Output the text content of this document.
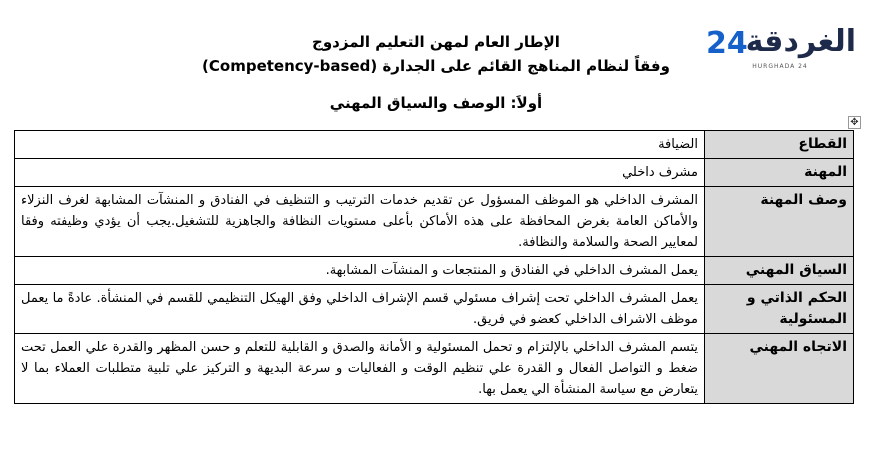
24
الغردقة
HURGHADA 24
الإطار العام لمهن التعليم المزدوج
وفقاً لنظام المناهج القائم على الجدارة (Competency-based)
أولاَ: الوصف والسياق المهني
✥
القطاع	الضيافة
المهنة	مشرف داخلي
وصف المهنة	المشرف الداخلي هو الموظف المسؤول عن تقديم خدمات الترتيب و التنظيف في الفنادق و المنشآت المشابهة لغرف النزلاء والأماكن العامة بغرض المحافظة على هذه الأماكن بأعلى مستويات النظافة والجاهزية للتشغيل.يجب أن يؤدي وظيفته وفقا لمعايير الصحة والسلامة والنظافة.
السياق المهني	يعمل المشرف الداخلي في الفنادق و المنتجعات و المنشآت المشابهة.
الحكم الذاتي و المسئولية	يعمل المشرف الداخلي تحت إشراف مسئولي قسم الإشراف الداخلي وفق الهيكل التنظيمي للقسم في المنشأة. عادةً ما يعمل موظف الاشراف الداخلي كعضو في فريق.
الاتجاه المهني	يتسم المشرف الداخلي بالإلتزام و تحمل المسئولية و الأمانة والصدق و القابلية للتعلم و حسن المظهر والقدرة علي العمل تحت ضغط و التواصل الفعال و القدرة علي تنظيم الوقت و الفعاليات و سرعة البديهة و التركيز علي تلبية متطلبات العملاء بما لا يتعارض مع سياسة المنشأة الي يعمل بها.
